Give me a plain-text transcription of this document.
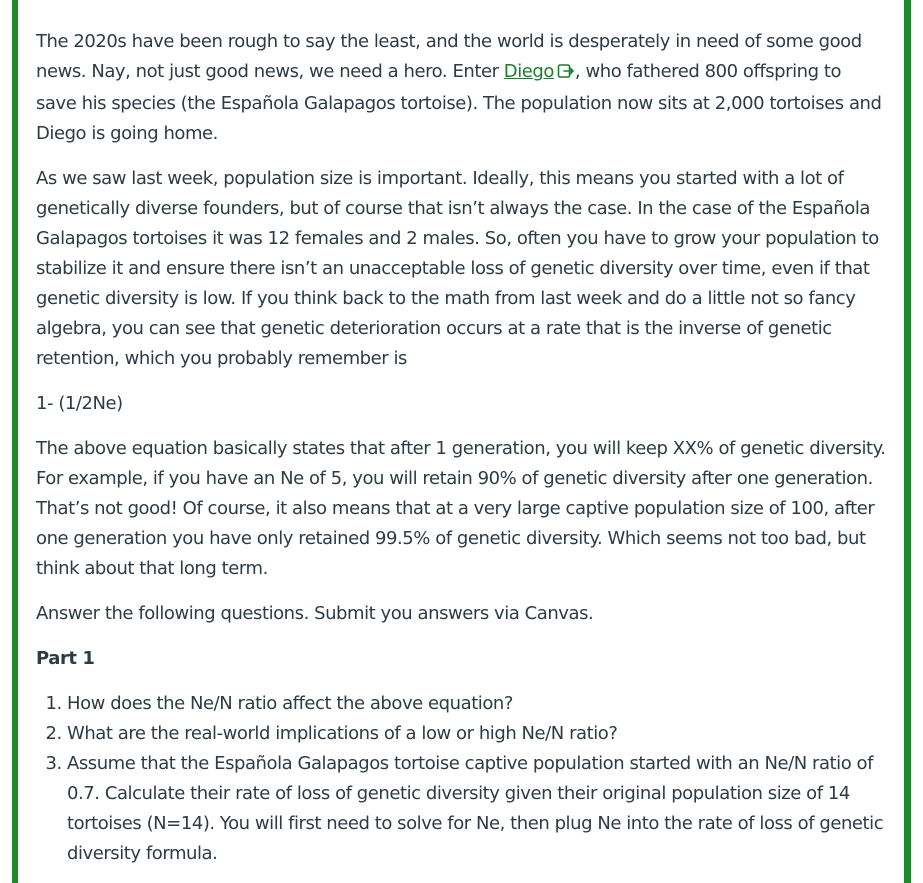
The 2020s have been rough to say the least, and the world is desperately in need of some good news. Nay, not just good news, we need a hero. Enter Diego , who fathered 800 offspring to save his species (the Española Galapagos tortoise). The population now sits at 2,000 tortoises and Diego is going home.

As we saw last week, population size is important. Ideally, this means you started with a lot of genetically diverse founders, but of course that isn’t always the case. In the case of the Española Galapagos tortoises it was 12 females and 2 males. So, often you have to grow your population to stabilize it and ensure there isn’t an unacceptable loss of genetic diversity over time, even if that genetic diversity is low. If you think back to the math from last week and do a little not so fancy algebra, you can see that genetic deterioration occurs at a rate that is the inverse of genetic retention, which you probably remember is

1- (1/2Ne)

The above equation basically states that after 1 generation, you will keep XX% of genetic diversity. For example, if you have an Ne of 5, you will retain 90% of genetic diversity after one generation. That’s not good! Of course, it also means that at a very large captive population size of 100, after one generation you have only retained 99.5% of genetic diversity. Which seems not too bad, but think about that long term.

Answer the following questions. Submit you answers via Canvas.

Part 1
1. How does the Ne/N ratio affect the above equation?
2. What are the real-world implications of a low or high Ne/N ratio?
3. Assume that the Española Galapagos tortoise captive population started with an Ne/N ratio of 0.7. Calculate their rate of loss of genetic diversity given their original population size of 14 tortoises (N=14). You will first need to solve for Ne, then plug Ne into the rate of loss of genetic diversity formula.
